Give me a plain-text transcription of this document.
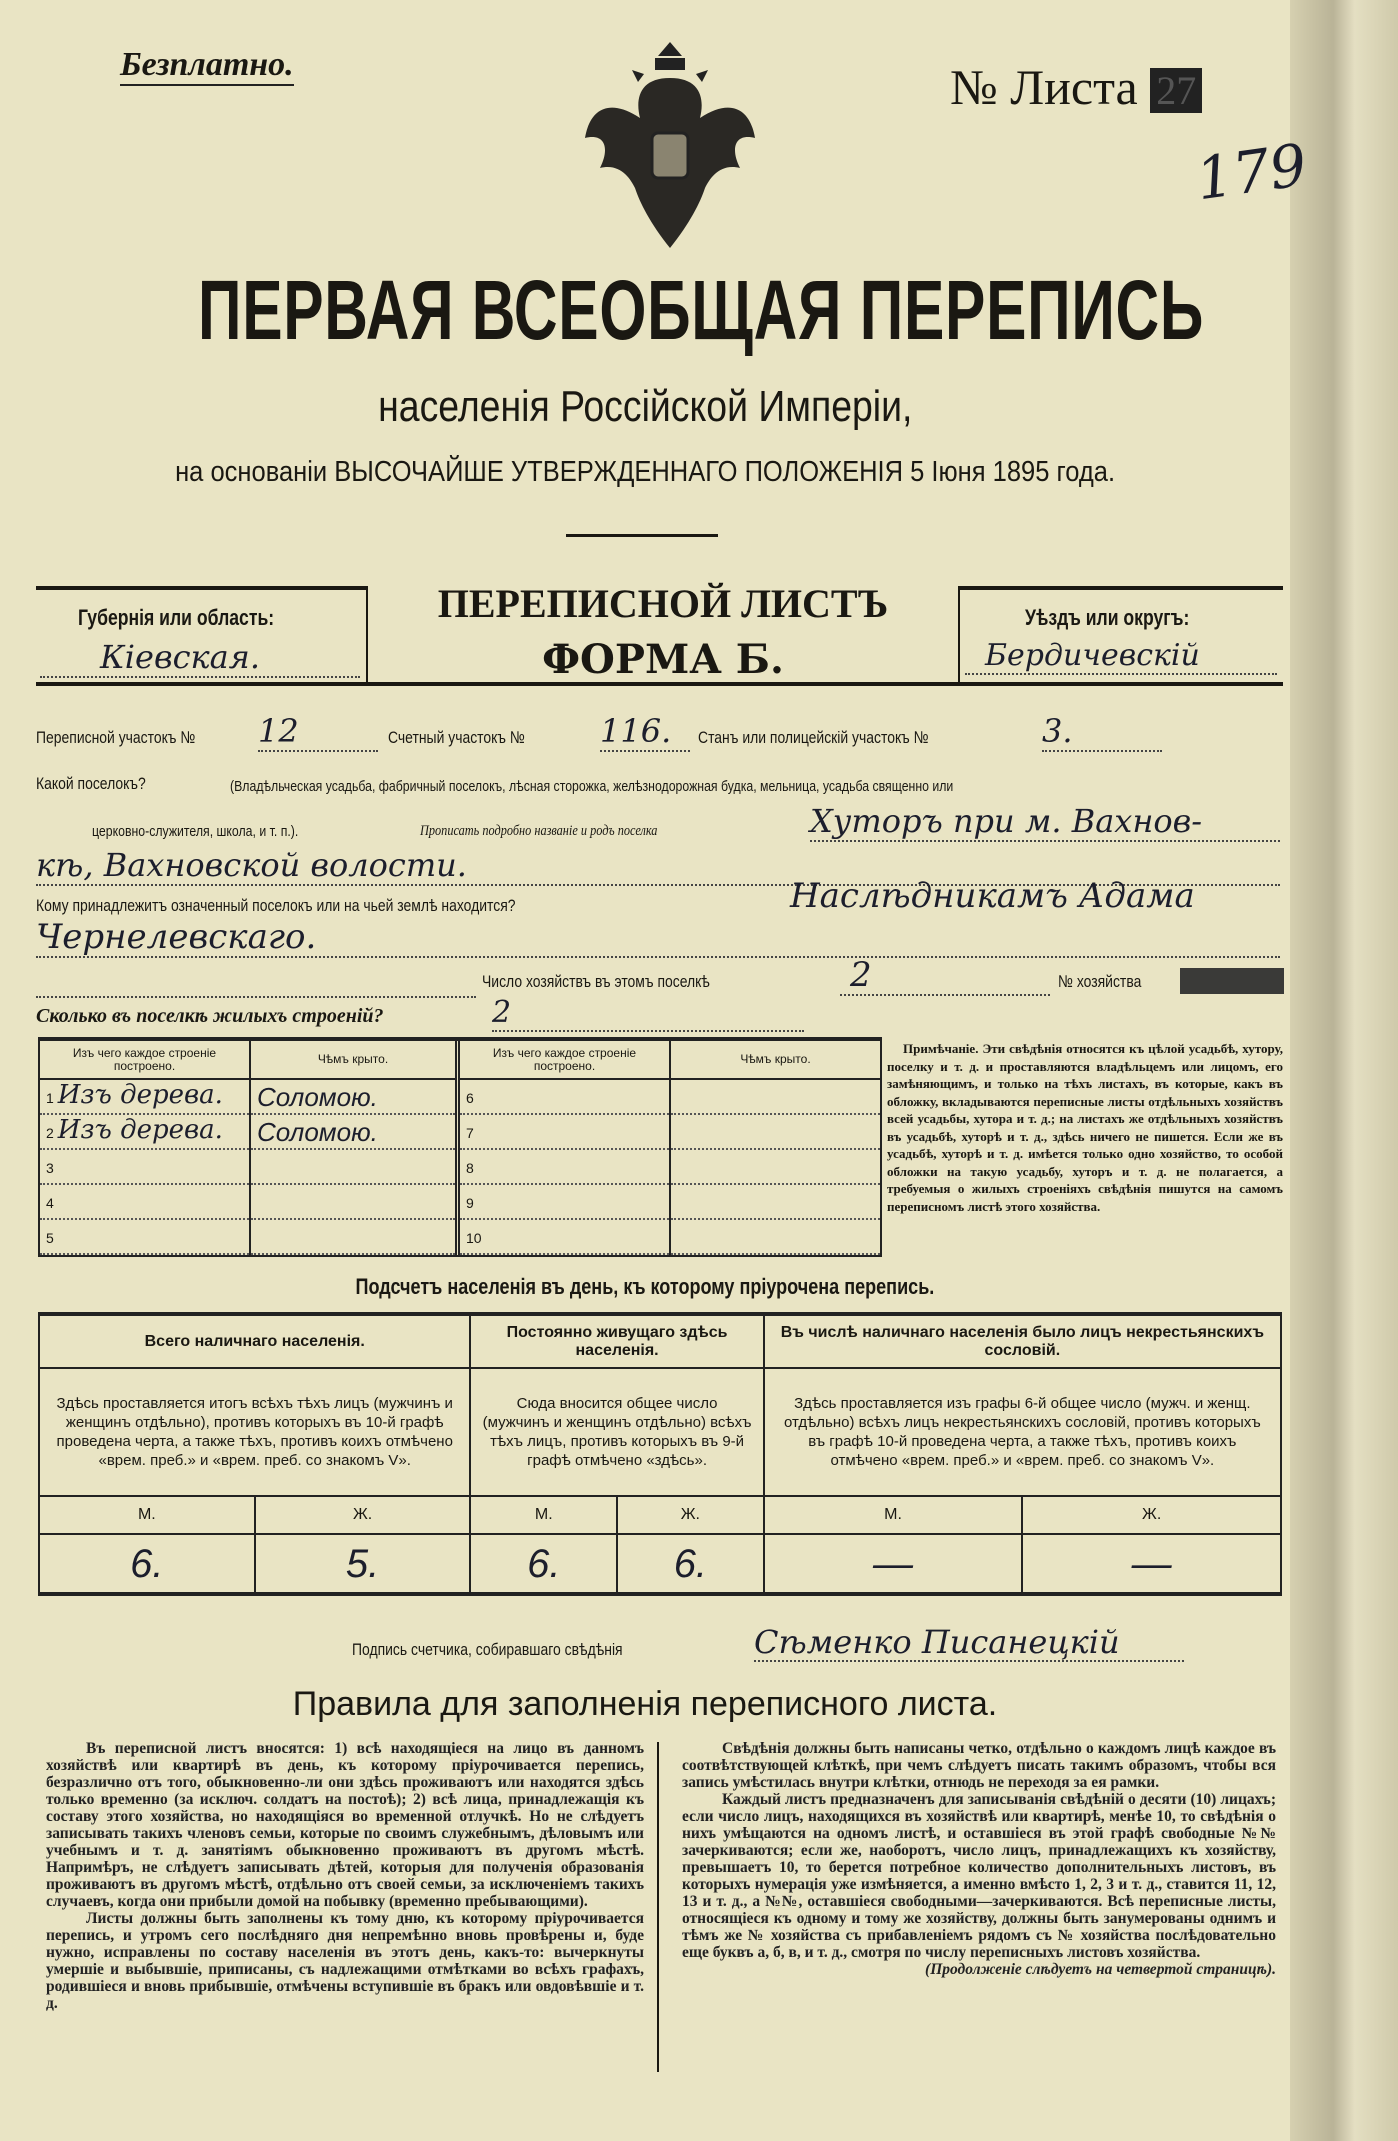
Безплатно.	№ Листа 27
179
ПЕРВАЯ ВСЕОБЩАЯ ПЕРЕПИСЬ
населенія Россійской Имперіи,
на основаніи ВЫСОЧАЙШЕ УТВЕРЖДЕННАГО ПОЛОЖЕНІЯ 5 Іюня 1895 года.
Губернія или область:
Кіевская.
ПЕРЕПИСНОЙ ЛИСТЪ
ФОРМА Б.
Уѣздъ или округъ:
Бердичевскій
Переписной участокъ № 12	Счетный участокъ № 116.	Станъ или полицейскій участокъ №	3.
Какой поселокъ?	(Владѣльческая усадьба, фабричный поселокъ, лѣсная сторожка, желѣзнодорожная будка, мельница, усадьба священно или
церковно-служителя, школа, и т. п.).	Прописать подробно названіе и родъ поселка	Хуторъ при м. Вахнов-
кѣ, Вахновской волости.
Кому принадлежитъ означенный поселокъ или на чьей землѣ находится?	Наслѣдникамъ Адама
Чернелевскаго.
Число хозяйствъ въ этомъ поселкѣ	2	№ хозяйства
Сколько въ поселкѣ жилыхъ строеній?	2
Изъ чего каждое строеніе построено.	Чѣмъ крыто.
1 Изъ дерева.	Соломою.
2 Изъ дерева.	Соломою.
3	
4	
5	
Изъ чего каждое строеніе построено.	Чѣмъ крыто.
6	
7	
8	
9	
10	
Примѣчаніе. Эти свѣдѣнія относятся къ цѣлой усадьбѣ, хутору, поселку и т. д. и проставляются владѣльцемъ или лицомъ, его замѣняющимъ, и только на тѣхъ листахъ, въ которые, какъ въ обложку, вкладываются переписные листы отдѣльныхъ хозяйствъ всей усадьбы, хутора и т. д.; на листахъ же отдѣльныхъ хозяйствъ въ усадьбѣ, хуторѣ и т. д., здѣсь ничего не пишется. Если же въ усадьбѣ, хуторѣ и т. д. имѣется только одно хозяйство, то особой обложки на такую усадьбу, хуторъ и т. д. не полагается, а требуемыя о жилыхъ строеніяхъ свѣдѣнія пишутся на самомъ переписномъ листѣ этого хозяйства.
Подсчетъ населенія въ день, къ которому пріурочена перепись.
Всего наличнаго населенія.		Постоянно живущаго здѣсь населенія.		Въ числѣ наличнаго населенія было лицъ некрестьянскихъ сословій.	
Здѣсь проставляется итогъ всѣхъ тѣхъ лицъ (мужчинъ и женщинъ отдѣльно), противъ которыхъ въ 10-й графѣ проведена черта, а также тѣхъ, противъ коихъ отмѣчено «врем. преб.» и «врем. преб. со знакомъ V».		Сюда вносится общее число (мужчинъ и женщинъ отдѣльно) всѣхъ тѣхъ лицъ, противъ которыхъ въ 9-й графѣ отмѣчено «здѣсь».		Здѣсь проставляется изъ графы 6-й общее число (мужч. и женщ. отдѣльно) всѣхъ лицъ некрестьянскихъ сословій, противъ которыхъ въ графѣ 10-й проведена черта, а также тѣхъ, противъ коихъ отмѣчено «врем. преб.» и «врем. преб. со знакомъ V».	
М.	Ж.	М.	Ж.	М.	Ж.
6.	5.	6.	6.	—	—
Подпись счетчика, собиравшаго свѣдѣнія	Сѣменко Писанецкій
Правила для заполненія переписного листа.

Въ переписной листъ вносятся: 1) всѣ находящіеся на лицо въ данномъ хозяйствѣ или квартирѣ въ день, къ которому пріурочивается перепись, безразлично отъ того, обыкновенно-ли они здѣсь проживаютъ или находятся здѣсь только временно (за исключ. солдатъ на постоѣ); 2) всѣ лица, принадлежащія къ составу этого хозяйства, но находящіяся во временной отлучкѣ. Но не слѣдуетъ записывать такихъ членовъ семьи, которые по своимъ служебнымъ, дѣловымъ или учебнымъ и т. д. занятіямъ обыкновенно проживаютъ въ другомъ мѣстѣ. Напримѣръ, не слѣдуетъ записывать дѣтей, которыя для полученія образованія проживаютъ въ другомъ мѣстѣ, отдѣльно отъ своей семьи, за исключеніемъ такихъ случаевъ, когда они прибыли домой на побывку (временно пребывающими).

Листы должны быть заполнены къ тому дню, къ которому пріурочивается перепись, и утромъ сего послѣдняго дня непремѣнно вновь провѣрены и, буде нужно, исправлены по составу населенія въ этотъ день, какъ-то: вычеркнуты умершіе и выбывшіе, приписаны, съ надлежащими отмѣтками во всѣхъ графахъ, родившіеся и вновь прибывшіе, отмѣчены вступившіе въ бракъ или овдовѣвшіе и т. д.

Свѣдѣнія должны быть написаны четко, отдѣльно о каждомъ лицѣ каждое въ соотвѣтствующей клѣткѣ, при чемъ слѣдуетъ писать такимъ образомъ, чтобы вся запись умѣстилась внутри клѣтки, отнюдь не переходя за ея рамки.

Каждый листъ предназначенъ для записыванія свѣдѣній о десяти (10) лицахъ; если число лицъ, находящихся въ хозяйствѣ или квартирѣ, менѣе 10, то свѣдѣнія о нихъ умѣщаются на одномъ листѣ, и оставшіеся въ этой графѣ свободные №№ зачеркиваются; если же, наоборотъ, число лицъ, принадлежащихъ къ хозяйству, превышаетъ 10, то берется потребное количество дополнительныхъ листовъ, въ которыхъ нумерація уже измѣняется, а именно вмѣсто 1, 2, 3 и т. д., ставится 11, 12, 13 и т. д., а №№, оставшіеся свободными—зачеркиваются. Всѣ переписные листы, относящіеся къ одному и тому же хозяйству, должны быть занумерованы однимъ и тѣмъ же № хозяйства съ прибавленіемъ рядомъ съ № хозяйства послѣдовательно еще буквъ а, б, в, и т. д., смотря по числу переписныхъ листовъ хозяйства.

(Продолженіе слѣдуетъ на четвертой страницѣ).
